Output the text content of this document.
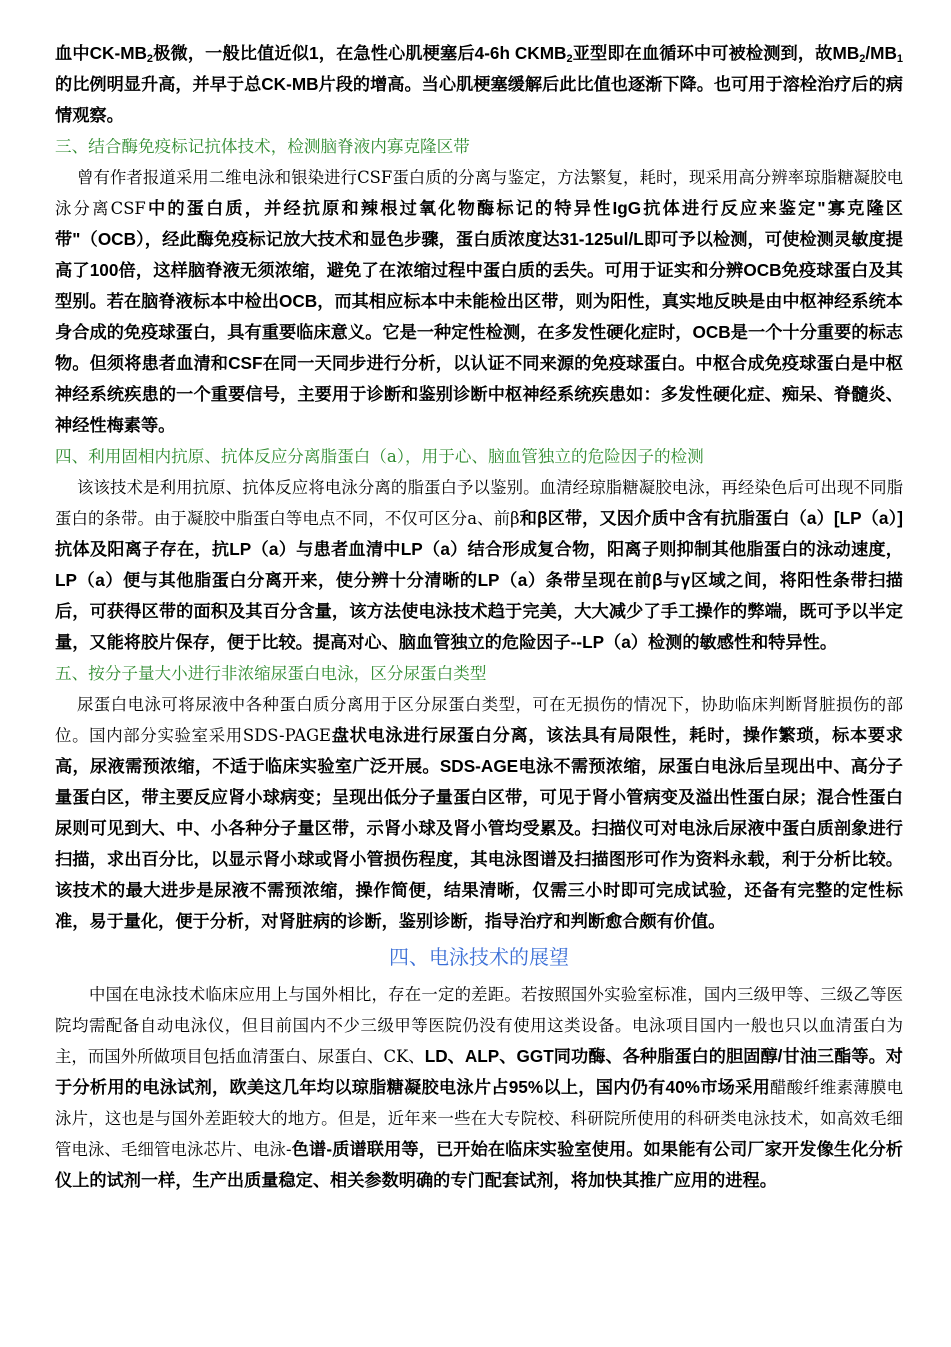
血中$CK-MB_2$极微，一般比值近似1，在急性心肌梗塞后4-6h $CKMB_2$亚型即在血循环中可被检测到，故$MB_2/MB_1$的比例明显升高，并早于总CK-MB片段的增高。当心肌梗塞缓解后此比值也逐渐下降。也可用于溶栓治疗后的病情观察。

三、结合酶免疫标记抗体技术，检测脑脊液内寡克隆区带

曾有作者报道采用二维电泳和银染进行CSF蛋白质的分离与鉴定，方法繁复，耗时，现采用高分辨率琼脂糖凝胶电泳分离CSF中的蛋白质，并经抗原和辣根过氧化物酶标记的特异性IgG抗体进行反应来鉴定"寡克隆区带"（OCB），经此酶免疫标记放大技术和显色步骤，蛋白质浓度达31-125ul/L即可予以检测，可使检测灵敏度提高了100倍，这样脑脊液无须浓缩，避免了在浓缩过程中蛋白质的丢失。可用于证实和分辨OCB免疫球蛋白及其型别。若在脑脊液标本中检出OCB，而其相应标本中未能检出区带，则为阳性，真实地反映是由中枢神经系统本身合成的免疫球蛋白，具有重要临床意义。它是一种定性检测，在多发性硬化症时，OCB是一个十分重要的标志物。但须将患者血清和CSF在同一天同步进行分析，以认证不同来源的免疫球蛋白。中枢合成免疫球蛋白是中枢神经系统疾患的一个重要信号，主要用于诊断和鉴别诊断中枢神经系统疾患如：多发性硬化症、痴呆、脊髓炎、神经性梅素等。

四、利用固相内抗原、抗体反应分离脂蛋白（a），用于心、脑血管独立的危险因子的检测

该该技术是利用抗原、抗体反应将电泳分离的脂蛋白予以鉴别。血清经琼脂糖凝胶电泳，再经染色后可出现不同脂蛋白的条带。由于凝胶中脂蛋白等电点不同，不仅可区分a、前β和β区带，又因介质中含有抗脂蛋白（a）[LP（a）]抗体及阳离子存在，抗LP（a）与患者血清中LP（a）结合形成复合物，阳离子则抑制其他脂蛋白的泳动速度，LP（a）便与其他脂蛋白分离开来，使分辨十分清晰的LP（a）条带呈现在前β与γ区域之间，将阳性条带扫描后，可获得区带的面积及其百分含量，该方法使电泳技术趋于完美，大大减少了手工操作的弊端，既可予以半定量，又能将胶片保存，便于比较。提高对心、脑血管独立的危险因子--LP（a）检测的敏感性和特异性。

五、按分子量大小进行非浓缩尿蛋白电泳，区分尿蛋白类型

尿蛋白电泳可将尿液中各种蛋白质分离用于区分尿蛋白类型，可在无损伤的情况下，协助临床判断肾脏损伤的部位。国内部分实验室采用SDS-PAGE盘状电泳进行尿蛋白分离，该法具有局限性，耗时，操作繁琐，标本要求高，尿液需预浓缩，不适于临床实验室广泛开展。SDS-AGE电泳不需预浓缩，尿蛋白电泳后呈现出中、高分子量蛋白区，带主要反应肾小球病变；呈现出低分子量蛋白区带，可见于肾小管病变及溢出性蛋白尿；混合性蛋白尿则可见到大、中、小各种分子量区带，示肾小球及肾小管均受累及。扫描仪可对电泳后尿液中蛋白质剖象进行扫描，求出百分比，以显示肾小球或肾小管损伤程度，其电泳图谱及扫描图形可作为资料永载，利于分析比较。该技术的最大进步是尿液不需预浓缩，操作简便，结果清晰，仅需三小时即可完成试验，还备有完整的定性标准，易于量化，便于分析，对肾脏病的诊断，鉴别诊断，指导治疗和判断愈合颇有价值。

四、电泳技术的展望

中国在电泳技术临床应用上与国外相比，存在一定的差距。若按照国外实验室标准，国内三级甲等、三级乙等医院均需配备自动电泳仪，但目前国内不少三级甲等医院仍没有使用这类设备。电泳项目国内一般也只以血清蛋白为主，而国外所做项目包括血清蛋白、尿蛋白、CK、LD、ALP、GGT同功酶、各种脂蛋白的胆固醇/甘油三酯等。对于分析用的电泳试剂，欧美这几年均以琼脂糖凝胶电泳片占95%以上，国内仍有40%市场采用醋酸纤维素薄膜电泳片，这也是与国外差距较大的地方。但是，近年来一些在大专院校、科研院所使用的科研类电泳技术，如高效毛细管电泳、毛细管电泳芯片、电泳-色谱-质谱联用等，已开始在临床实验室使用。如果能有公司厂家开发像生化分析仪上的试剂一样，生产出质量稳定、相关参数明确的专门配套试剂，将加快其推广应用的进程。
